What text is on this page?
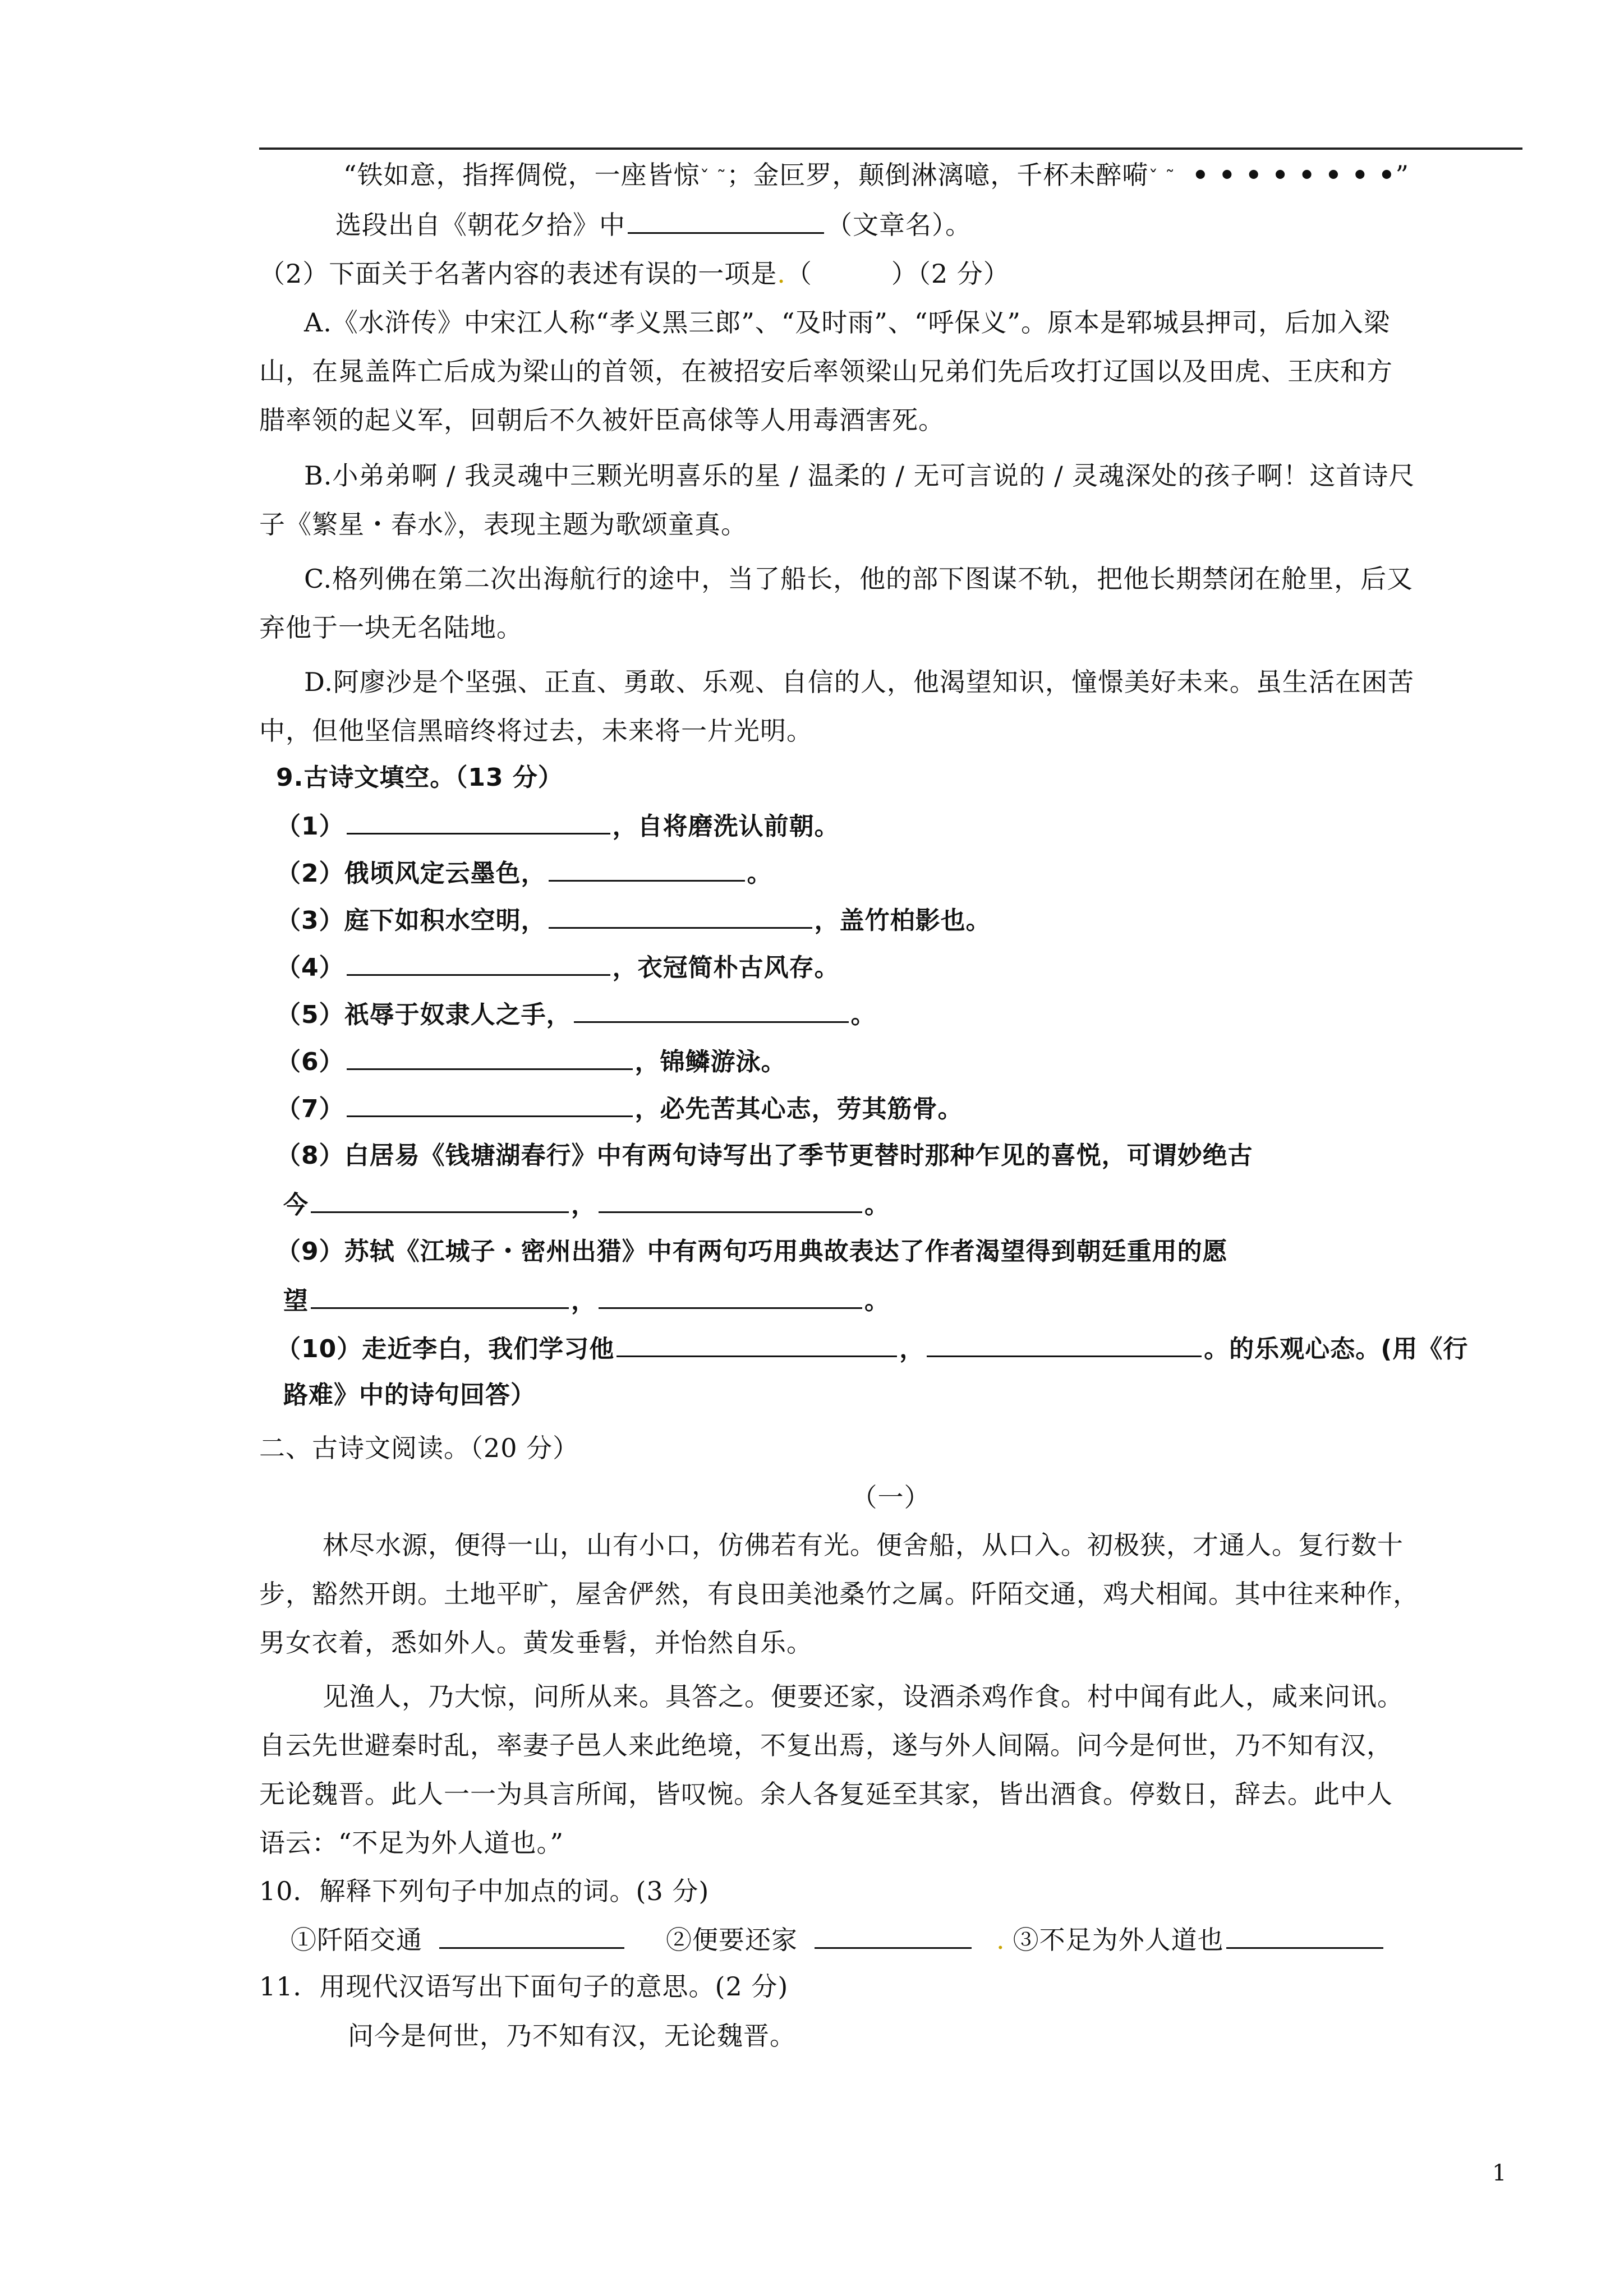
“铁如意，指挥倜傥，一座皆惊ˇ ˜；金叵罗，颠倒淋漓噫，千杯未醉嗬ˇ ˜ • • • • • • • •”
选段出自《朝花夕拾》中	（文章名）。
（2）下面关于名著内容的表述有误的一项是.（　　　）（2 分）
A.《水浒传》中宋江人称“孝义黑三郎”、“及时雨”、“呼保义”。原本是郓城县押司，后加入梁
山，在晁盖阵亡后成为梁山的首领，在被招安后率领梁山兄弟们先后攻打辽国以及田虎、王庆和方
腊率领的起义军，回朝后不久被奸臣高俅等人用毒酒害死。
B.小弟弟啊 / 我灵魂中三颗光明喜乐的星 / 温柔的 / 无可言说的 / 灵魂深处的孩子啊！这首诗尺
子《繁星・春水》，表现主题为歌颂童真。
C.格列佛在第二次出海航行的途中，当了船长，他的部下图谋不轨，把他长期禁闭在舱里，后又
弃他于一块无名陆地。
D.阿廖沙是个坚强、正直、勇敢、乐观、自信的人，他渴望知识，憧憬美好未来。虽生活在困苦
中，但他坚信黑暗终将过去，未来将一片光明。
9.古诗文填空。（13 分）
（1）	，自将磨洗认前朝。
（2）俄顷风定云墨色，	。
（3）庭下如积水空明，	，盖竹柏影也。
（4）	，衣冠简朴古风存。
（5）祇辱于奴隶人之手，	。
（6）	，锦鳞游泳。
（7）	，必先苦其心志，劳其筋骨。
（8）白居易《钱塘湖春行》中有两句诗写出了季节更替时那种乍见的喜悦，可谓妙绝古
今	，	。
（9）苏轼《江城子・密州出猎》中有两句巧用典故表达了作者渴望得到朝廷重用的愿
望	，	。
（10）走近李白，我们学习他	，	。的乐观心态。(用《行
路难》中的诗句回答）
二、古诗文阅读。（20 分）
（一）
林尽水源，便得一山，山有小口，仿佛若有光。便舍船，从口入。初极狭，才通人。复行数十
步，豁然开朗。土地平旷，屋舍俨然，有良田美池桑竹之属。阡陌交通，鸡犬相闻。其中往来种作，
男女衣着，悉如外人。黄发垂髫，并怡然自乐。
见渔人，乃大惊，问所从来。具答之。便要还家，设酒杀鸡作食。村中闻有此人，咸来问讯。
自云先世避秦时乱，率妻子邑人来此绝境，不复出焉，遂与外人间隔。问今是何世，乃不知有汉，
无论魏晋。此人一一为具言所闻，皆叹惋。余人各复延至其家，皆出酒食。停数日，辞去。此中人
语云：“不足为外人道也。”
10．解释下列句子中加点的词。(3 分)
①阡陌交通	②便要还家	. ③不足为外人道也
11．用现代汉语写出下面句子的意思。(2 分)
问今是何世，乃不知有汉，无论魏晋。
1
